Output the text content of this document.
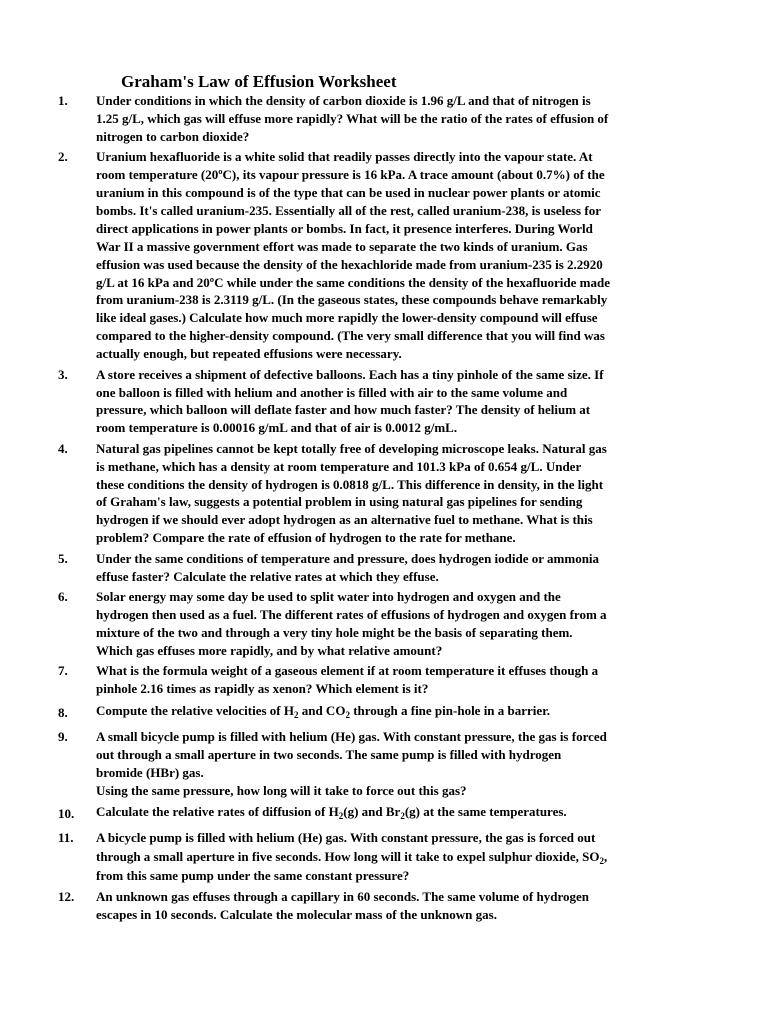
Graham's Law of Effusion Worksheet
1.	Under conditions in which the density of carbon dioxide is 1.96 g/L and that of nitrogen is
1.25 g/L, which gas will effuse more rapidly? What will be the ratio of the rates of effusion of
nitrogen to carbon dioxide?
2.	Uranium hexafluoride is a white solid that readily passes directly into the vapour state. At
room temperature (20ºC), its vapour pressure is 16 kPa. A trace amount (about 0.7%) of the
uranium in this compound is of the type that can be used in nuclear power plants or atomic
bombs. It's called uranium-235. Essentially all of the rest, called uranium-238, is useless for
direct applications in power plants or bombs. In fact, it presence interferes. During World
War II a massive government effort was made to separate the two kinds of uranium. Gas
effusion was used because the density of the hexachloride made from uranium-235 is 2.2920
g/L at 16 kPa and 20ºC while under the same conditions the density of the hexafluoride made
from uranium-238 is 2.3119 g/L. (In the gaseous states, these compounds behave remarkably
like ideal gases.) Calculate how much more rapidly the lower-density compound will effuse
compared to the higher-density compound. (The very small difference that you will find was
actually enough, but repeated effusions were necessary.
3.	A store receives a shipment of defective balloons. Each has a tiny pinhole of the same size. If
one balloon is filled with helium and another is filled with air to the same volume and
pressure, which balloon will deflate faster and how much faster? The density of helium at
room temperature is 0.00016 g/mL and that of air is 0.0012 g/mL.
4.	Natural gas pipelines cannot be kept totally free of developing microscope leaks. Natural gas
is methane, which has a density at room temperature and 101.3 kPa of 0.654 g/L. Under
these conditions the density of hydrogen is 0.0818 g/L. This difference in density, in the light
of Graham's law, suggests a potential problem in using natural gas pipelines for sending
hydrogen if we should ever adopt hydrogen as an alternative fuel to methane. What is this
problem? Compare the rate of effusion of hydrogen to the rate for methane.
5.	Under the same conditions of temperature and pressure, does hydrogen iodide or ammonia
effuse faster? Calculate the relative rates at which they effuse.
6.	Solar energy may some day be used to split water into hydrogen and oxygen and the
hydrogen then used as a fuel. The different rates of effusions of hydrogen and oxygen from a
mixture of the two and through a very tiny hole might be the basis of separating them.
Which gas effuses more rapidly, and by what relative amount?
7.	What is the formula weight of a gaseous element if at room temperature it effuses though a
pinhole 2.16 times as rapidly as xenon? Which element is it?
8.	Compute the relative velocities of $H_2$ and $CO_2$ through a fine pin-hole in a barrier.
9.	A small bicycle pump is filled with helium (He) gas. With constant pressure, the gas is forced
out through a small aperture in two seconds. The same pump is filled with hydrogen
bromide (HBr) gas.
Using the same pressure, how long will it take to force out this gas?
10.	Calculate the relative rates of diffusion of $H_2(g)$ and $Br_2(g)$ at the same temperatures.
11.	A bicycle pump is filled with helium (He) gas. With constant pressure, the gas is forced out
through a small aperture in five seconds. How long will it take to expel sulphur dioxide, $SO_2$,
from this same pump under the same constant pressure?
12.	An unknown gas effuses through a capillary in 60 seconds. The same volume of hydrogen
escapes in 10 seconds. Calculate the molecular mass of the unknown gas.
